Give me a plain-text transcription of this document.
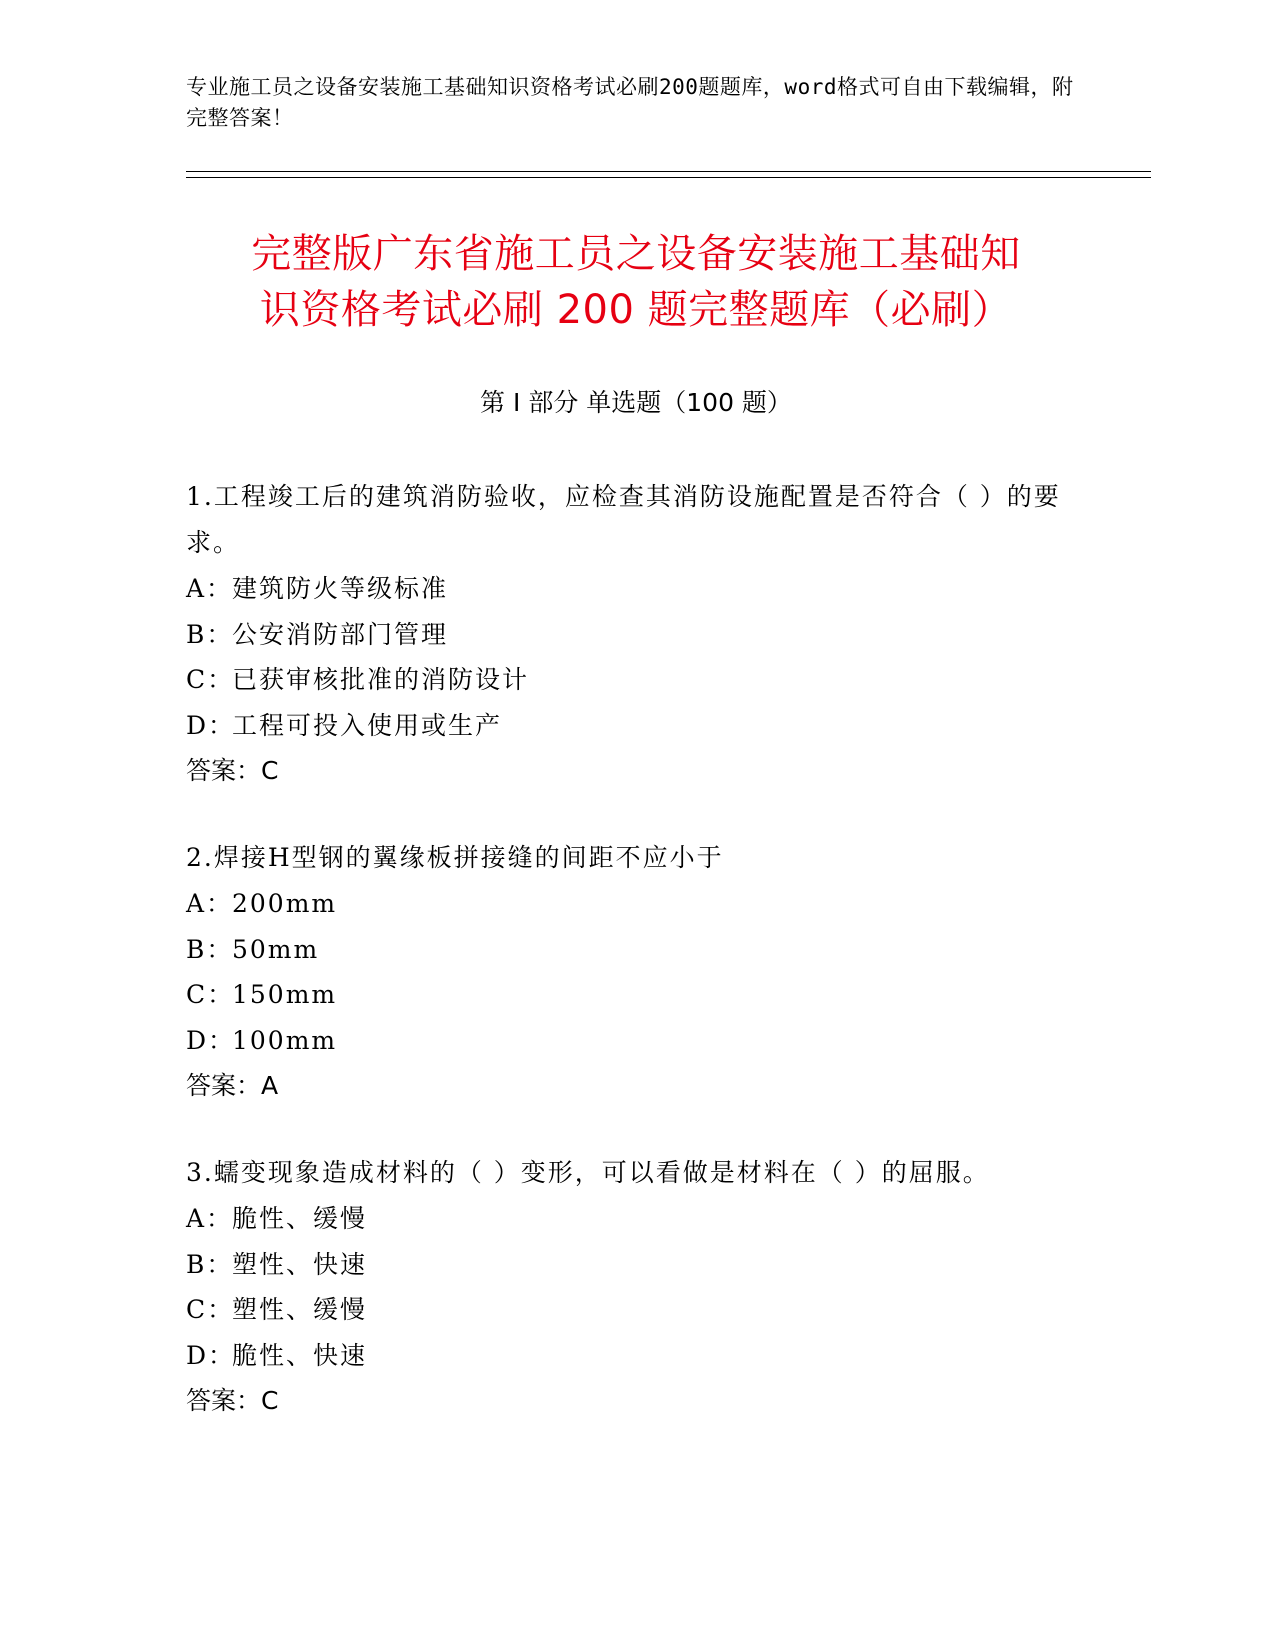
专业施工员之设备安装施工基础知识资格考试必刷200题题库，word格式可自由下载编辑，附完整答案！
完整版广东省施工员之设备安装施工基础知
识资格考试必刷 200 题完整题库（必刷）
第 I 部分 单选题（100 题）
1.工程竣工后的建筑消防验收，应检查其消防设施配置是否符合（ ）的要求。
A：建筑防火等级标准
B：公安消防部门管理
C：已获审核批准的消防设计
D：工程可投入使用或生产
答案：C
2.焊接H型钢的翼缘板拼接缝的间距不应小于
A：200mm
B：50mm
C：150mm
D：100mm
答案：A
3.蠕变现象造成材料的（ ）变形，可以看做是材料在（ ）的屈服。
A：脆性、缓慢
B：塑性、快速
C：塑性、缓慢
D：脆性、快速
答案：C
